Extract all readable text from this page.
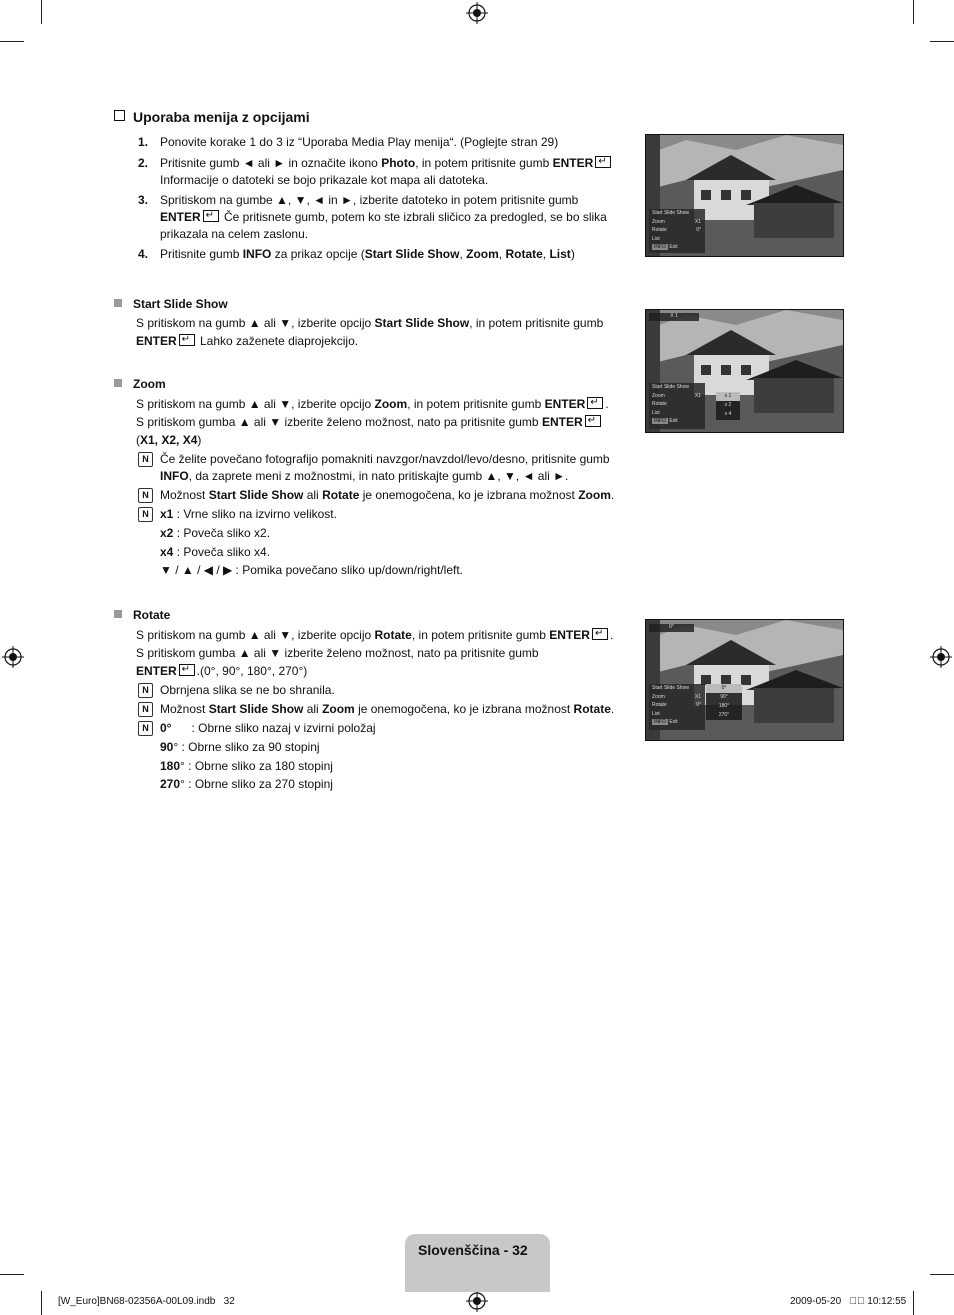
Uporaba menija z opcijami
1. Ponovite korake 1 do 3 iz “Uporaba Media Play menija“. (Poglejte stran 29)
2. Pritisnite gumb ◄ ali ► in označite ikono Photo, in potem pritisnite gumb ENTER↵
Informacije o datoteki se bojo prikazale kot mapa ali datoteka.
3. Spritiskom na gumbe ▲, ▼, ◄ in ►, izberite datoteko in potem pritisnite gumb
ENTER↵ Če pritisnete gumb, potem ko ste izbrali sličico za predogled, se bo slika
prikazala na celem zaslonu.
4. Pritisnite gumb INFO za prikaz opcije (Start Slide Show, Zoom, Rotate, List)
Start Slide Show
S pritiskom na gumb ▲ ali ▼, izberite opcijo Start Slide Show, in potem pritisnite gumb
ENTER↵ Lahko zaženete diaprojekcijo.
Zoom
S pritiskom na gumb ▲ ali ▼, izberite opcijo Zoom, in potem pritisnite gumb ENTER ↵ .
S pritiskom gumba ▲ ali ▼ izberite želeno možnost, nato pa pritisnite gumb ENTER↵
(X1, X2, X4)
N Če želite povečano fotografijo pomakniti navzgor/navzdol/levo/desno, pritisnite gumb
INFO, da zaprete meni z možnostmi, in nato pritiskajte gumb ▲, ▼, ◄ ali ►.
N Možnost Start Slide Show ali Rotate je onemogočena, ko je izbrana možnost Zoom.
N x1 : Vrne sliko na izvirno velikost.
x2 : Poveča sliko x2.
x4 : Poveča sliko x4.
▼ / ▲ / ◀ / ▶ : Pomika povečano sliko up/down/right/left.
Rotate
S pritiskom na gumb ▲ ali ▼, izberite opcijo Rotate, in potem pritisnite gumb ENTER ↵ .
S pritiskom gumba ▲ ali ▼ izberite želeno možnost, nato pa pritisnite gumb
ENTER ↵ .(0°, 90°, 180°, 270°)
N Obrnjena slika se ne bo shranila.
N Možnost Start Slide Show ali Zoom je onemogočena, ko je izbrana možnost Rotate.
N 0°      : Obrne sliko nazaj v izvirni položaj
90° : Obrne sliko za 90 stopinj
180° : Obrne sliko za 180 stopinj
270° : Obrne sliko za 270 stopinj
Start Slide Show
Zoom	X1
Rotate	0°
List
INFO Exit
X 1
Start Slide Show
Zoom	X1
Rotate
List
INFO Exit
x 1
x 2
x 4
0°
Start Slide Show
Zoom	X1
Rotate	0°
List
INFO Exit
0°
90°
180°
270°
Slovenščina - 32
[W_Euro]BN68-02356A-00L09.indb   32	2009-05-20   ￿￿ 10:12:55
